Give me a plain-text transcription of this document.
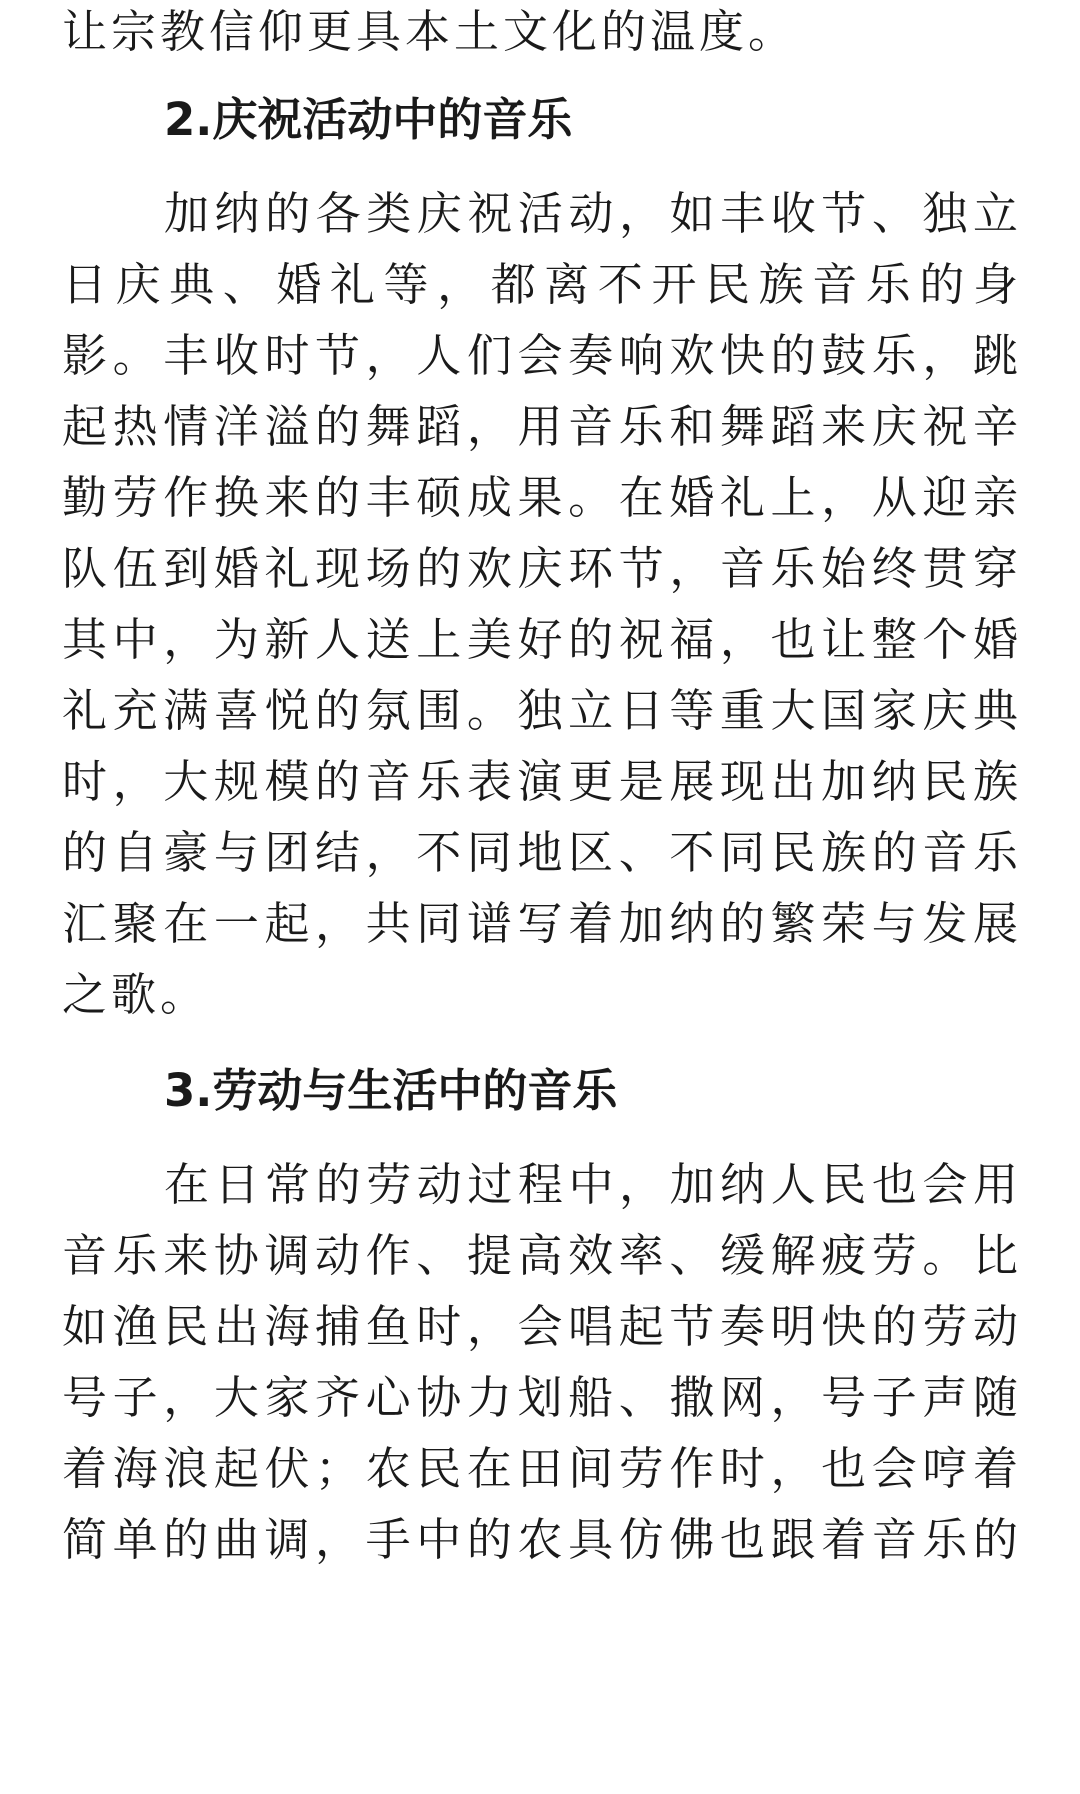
让宗教信仰更具本土文化的温度。
2.庆祝活动中的音乐
加纳的各类庆祝活动，如丰收节、独立
日庆典、婚礼等，都离不开民族音乐的身
影。丰收时节，人们会奏响欢快的鼓乐，跳
起热情洋溢的舞蹈，用音乐和舞蹈来庆祝辛
勤劳作换来的丰硕成果。在婚礼上，从迎亲
队伍到婚礼现场的欢庆环节，音乐始终贯穿
其中，为新人送上美好的祝福，也让整个婚
礼充满喜悦的氛围。独立日等重大国家庆典
时，大规模的音乐表演更是展现出加纳民族
的自豪与团结，不同地区、不同民族的音乐
汇聚在一起，共同谱写着加纳的繁荣与发展
之歌。
3.劳动与生活中的音乐
在日常的劳动过程中，加纳人民也会用
音乐来协调动作、提高效率、缓解疲劳。比
如渔民出海捕鱼时，会唱起节奏明快的劳动
号子，大家齐心协力划船、撒网，号子声随
着海浪起伏；农民在田间劳作时，也会哼着
简单的曲调，手中的农具仿佛也跟着音乐的
